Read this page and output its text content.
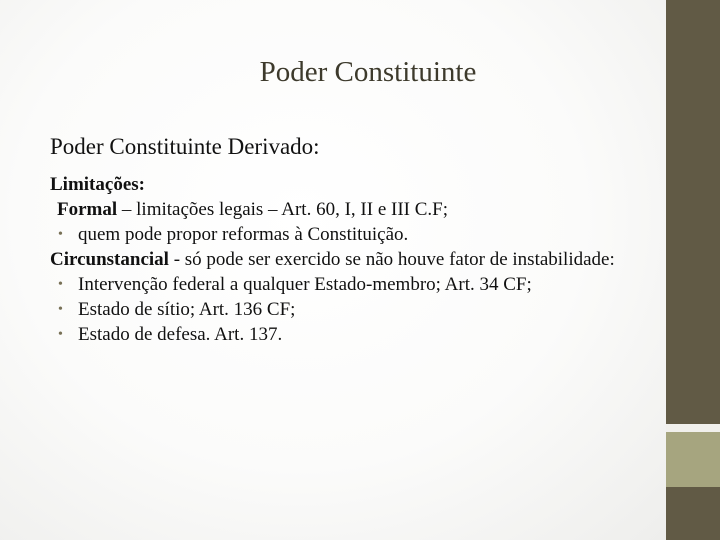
Poder Constituinte
Poder Constituinte Derivado:
Limitações:
Formal – limitações legais – Art. 60, I, II e III C.F;
• quem pode propor reformas à Constituição.
Circunstancial - só pode ser exercido se não houve fator de instabilidade:
• Intervenção federal a qualquer Estado-membro; Art. 34 CF;
• Estado de sítio; Art. 136 CF;
• Estado de defesa. Art. 137.
